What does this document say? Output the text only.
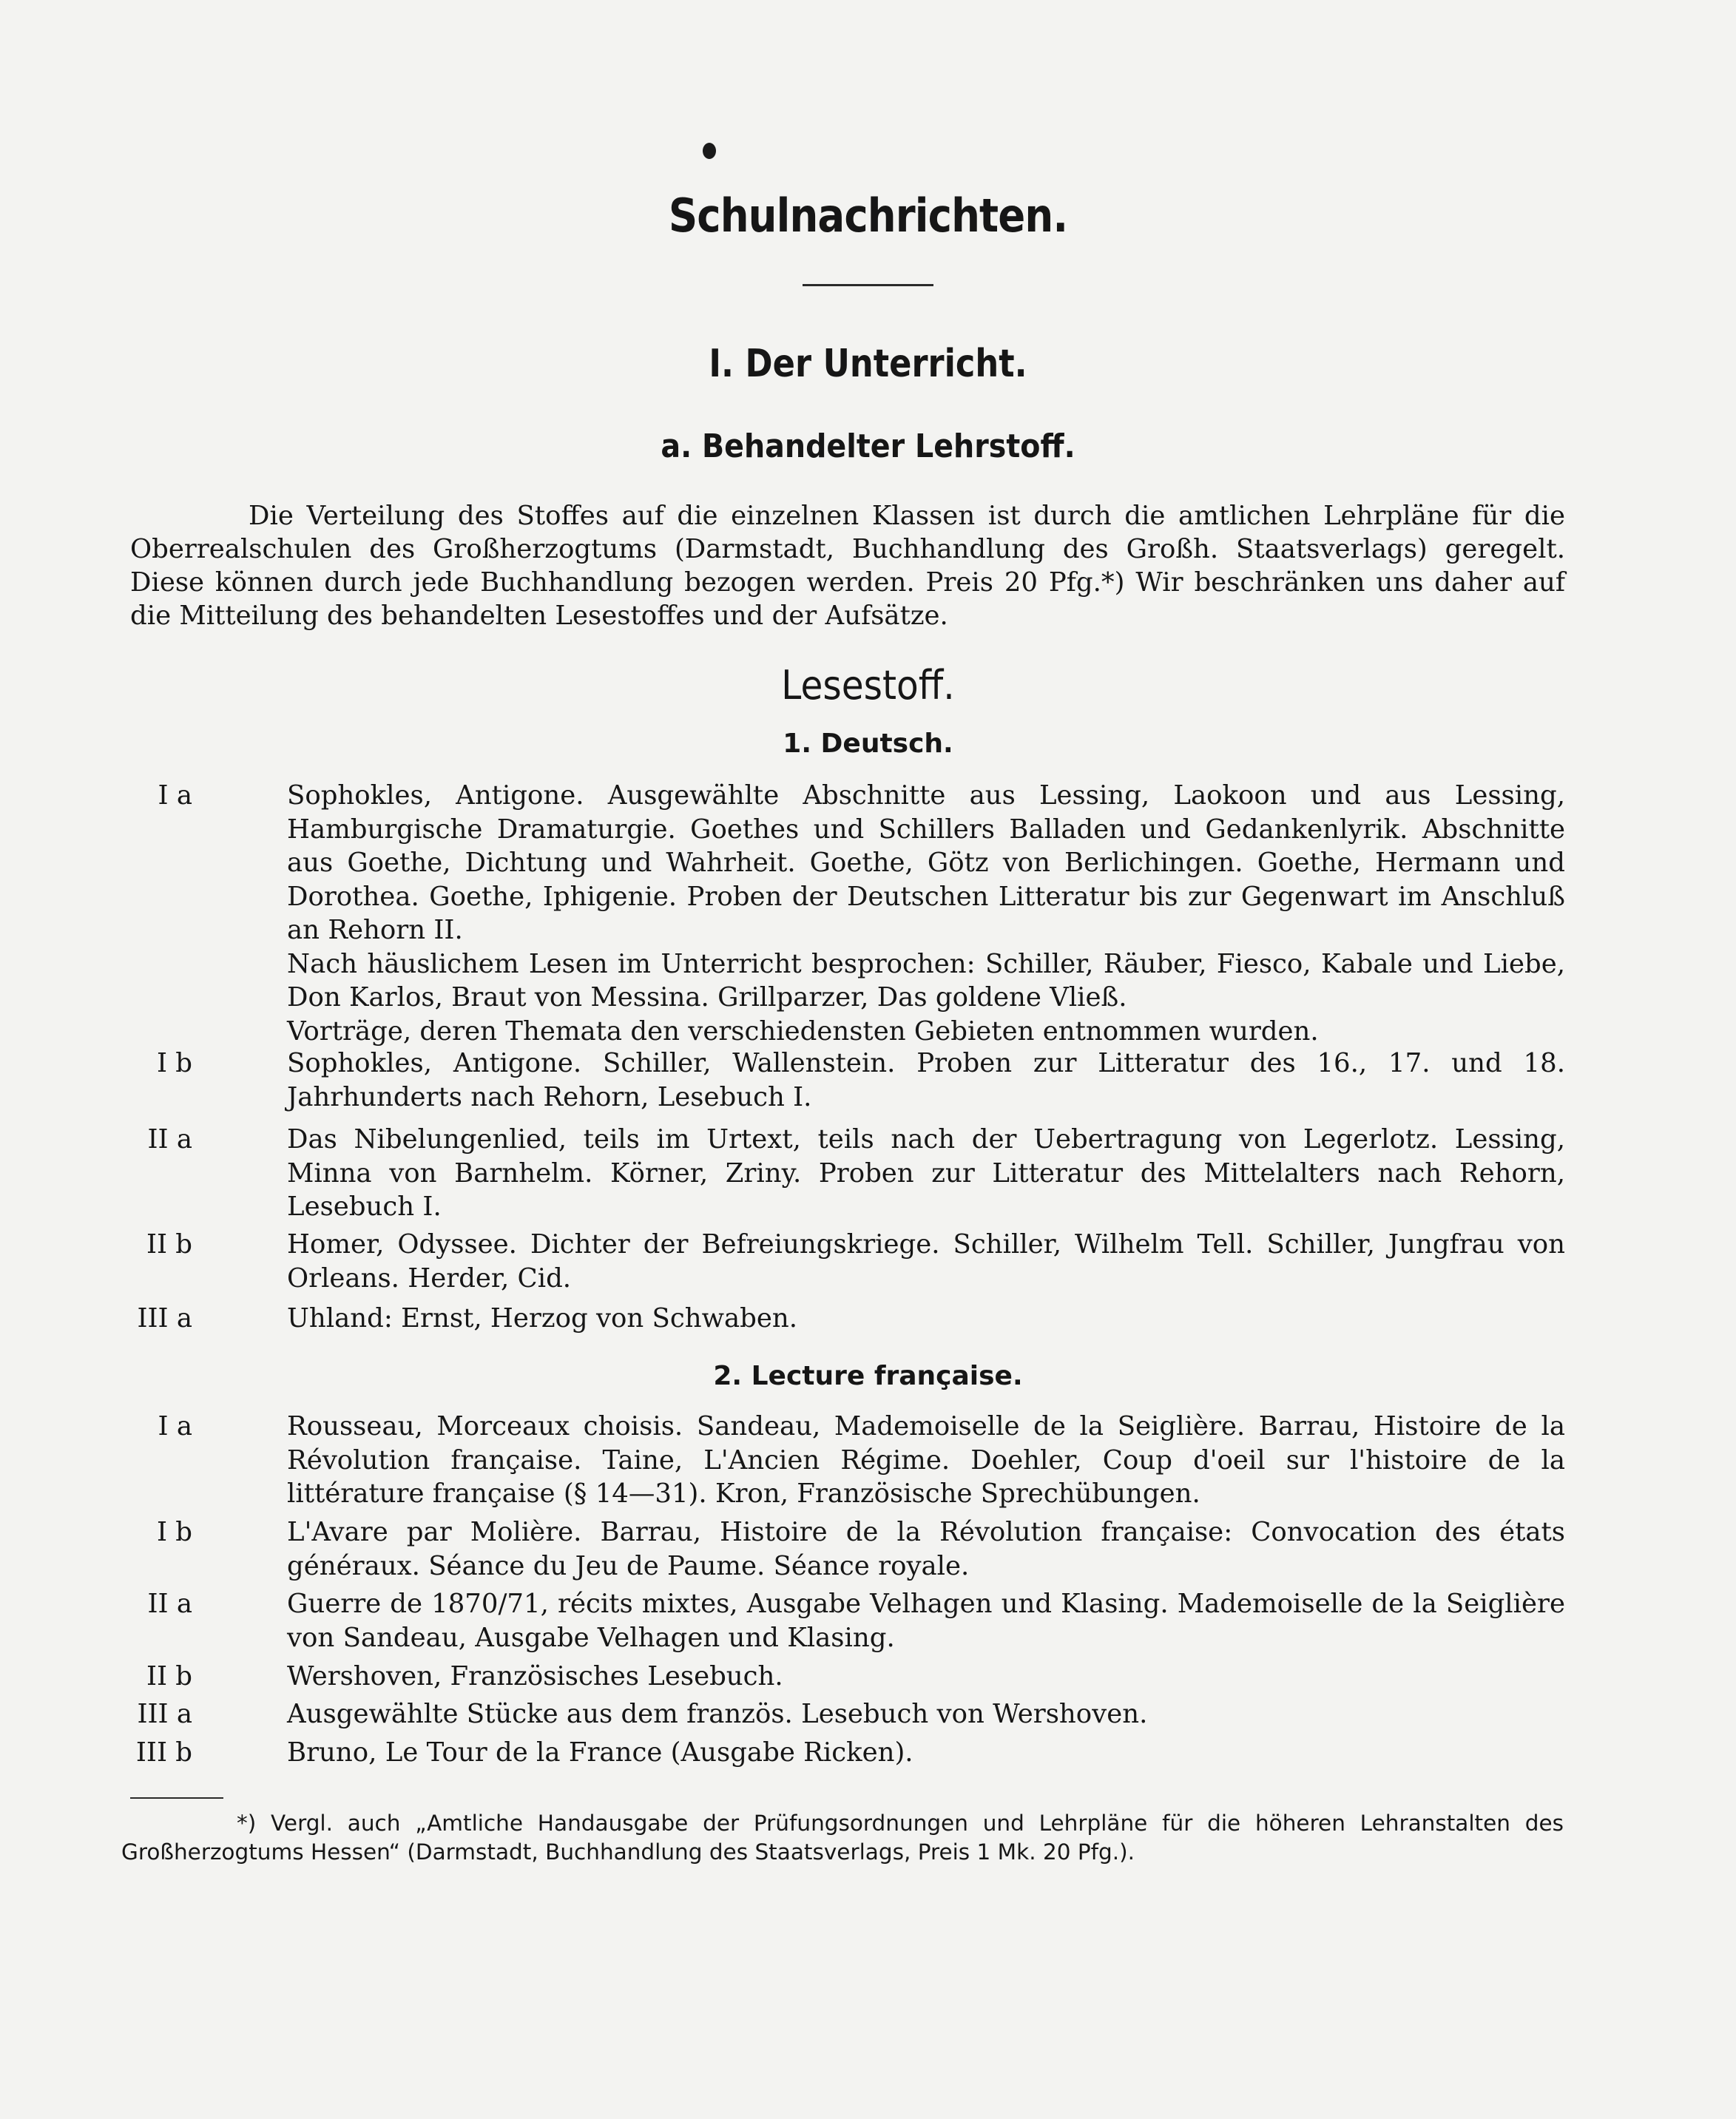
Schulnachrichten.
I. Der Unterricht.
a. Behandelter Lehrstoff.
Die Verteilung des Stoffes auf die einzelnen Klassen ist durch die amtlichen Lehrpläne für die Oberrealschulen des Großherzogtums (Darmstadt, Buchhandlung des Großh. Staatsverlags) geregelt. Diese können durch jede Buchhandlung bezogen werden. Preis 20 Pfg.*) Wir beschränken uns daher auf die Mitteilung des behandelten Lesestoffes und der Aufsätze.
Lesestoff.
1. Deutsch.
I a	Sophokles, Antigone. Ausgewählte Abschnitte aus Lessing, Laokoon und aus Lessing, Hamburgische Dramaturgie. Goethes und Schillers Balladen und Gedankenlyrik. Abschnitte aus Goethe, Dichtung und Wahrheit. Goethe, Götz von Berlichingen. Goethe, Hermann und Dorothea. Goethe, Iphigenie. Proben der Deutschen Litteratur bis zur Gegenwart im Anschluß an Rehorn II.

Nach häuslichem Lesen im Unterricht besprochen: Schiller, Räuber, Fiesco, Kabale und Liebe, Don Karlos, Braut von Messina. Grillparzer, Das goldene Vließ.

Vorträge, deren Themata den verschiedensten Gebieten entnommen wurden.

I b	Sophokles, Antigone. Schiller, Wallenstein. Proben zur Litteratur des 16., 17. und 18. Jahrhunderts nach Rehorn, Lesebuch I.

II a	Das Nibelungenlied, teils im Urtext, teils nach der Uebertragung von Legerlotz. Lessing, Minna von Barnhelm. Körner, Zriny. Proben zur Litteratur des Mittelalters nach Rehorn, Lesebuch I.

II b	Homer, Odyssee. Dichter der Befreiungskriege. Schiller, Wilhelm Tell. Schiller, Jungfrau von Orleans. Herder, Cid.

III a	Uhland: Ernst, Herzog von Schwaben.

2. Lecture française.
I a	Rousseau, Morceaux choisis. Sandeau, Mademoiselle de la Seiglière. Barrau, Histoire de la Révolution française. Taine, L'Ancien Régime. Doehler, Coup d'oeil sur l'histoire de la littérature française (§ 14—31). Kron, Französische Sprechübungen.

I b	L'Avare par Molière. Barrau, Histoire de la Révolution française: Convocation des états généraux. Séance du Jeu de Paume. Séance royale.

II a	Guerre de 1870/71, récits mixtes, Ausgabe Velhagen und Klasing. Mademoiselle de la Seiglière von Sandeau, Ausgabe Velhagen und Klasing.

II b	Wershoven, Französisches Lesebuch.

III a	Ausgewählte Stücke aus dem französ. Lesebuch von Wershoven.

III b	Bruno, Le Tour de la France (Ausgabe Ricken).

*) Vergl. auch „Amtliche Handausgabe der Prüfungsordnungen und Lehrpläne für die höheren Lehranstalten des Großherzogtums Hessen“ (Darmstadt, Buchhandlung des Staatsverlags, Preis 1 Mk. 20 Pfg.).
